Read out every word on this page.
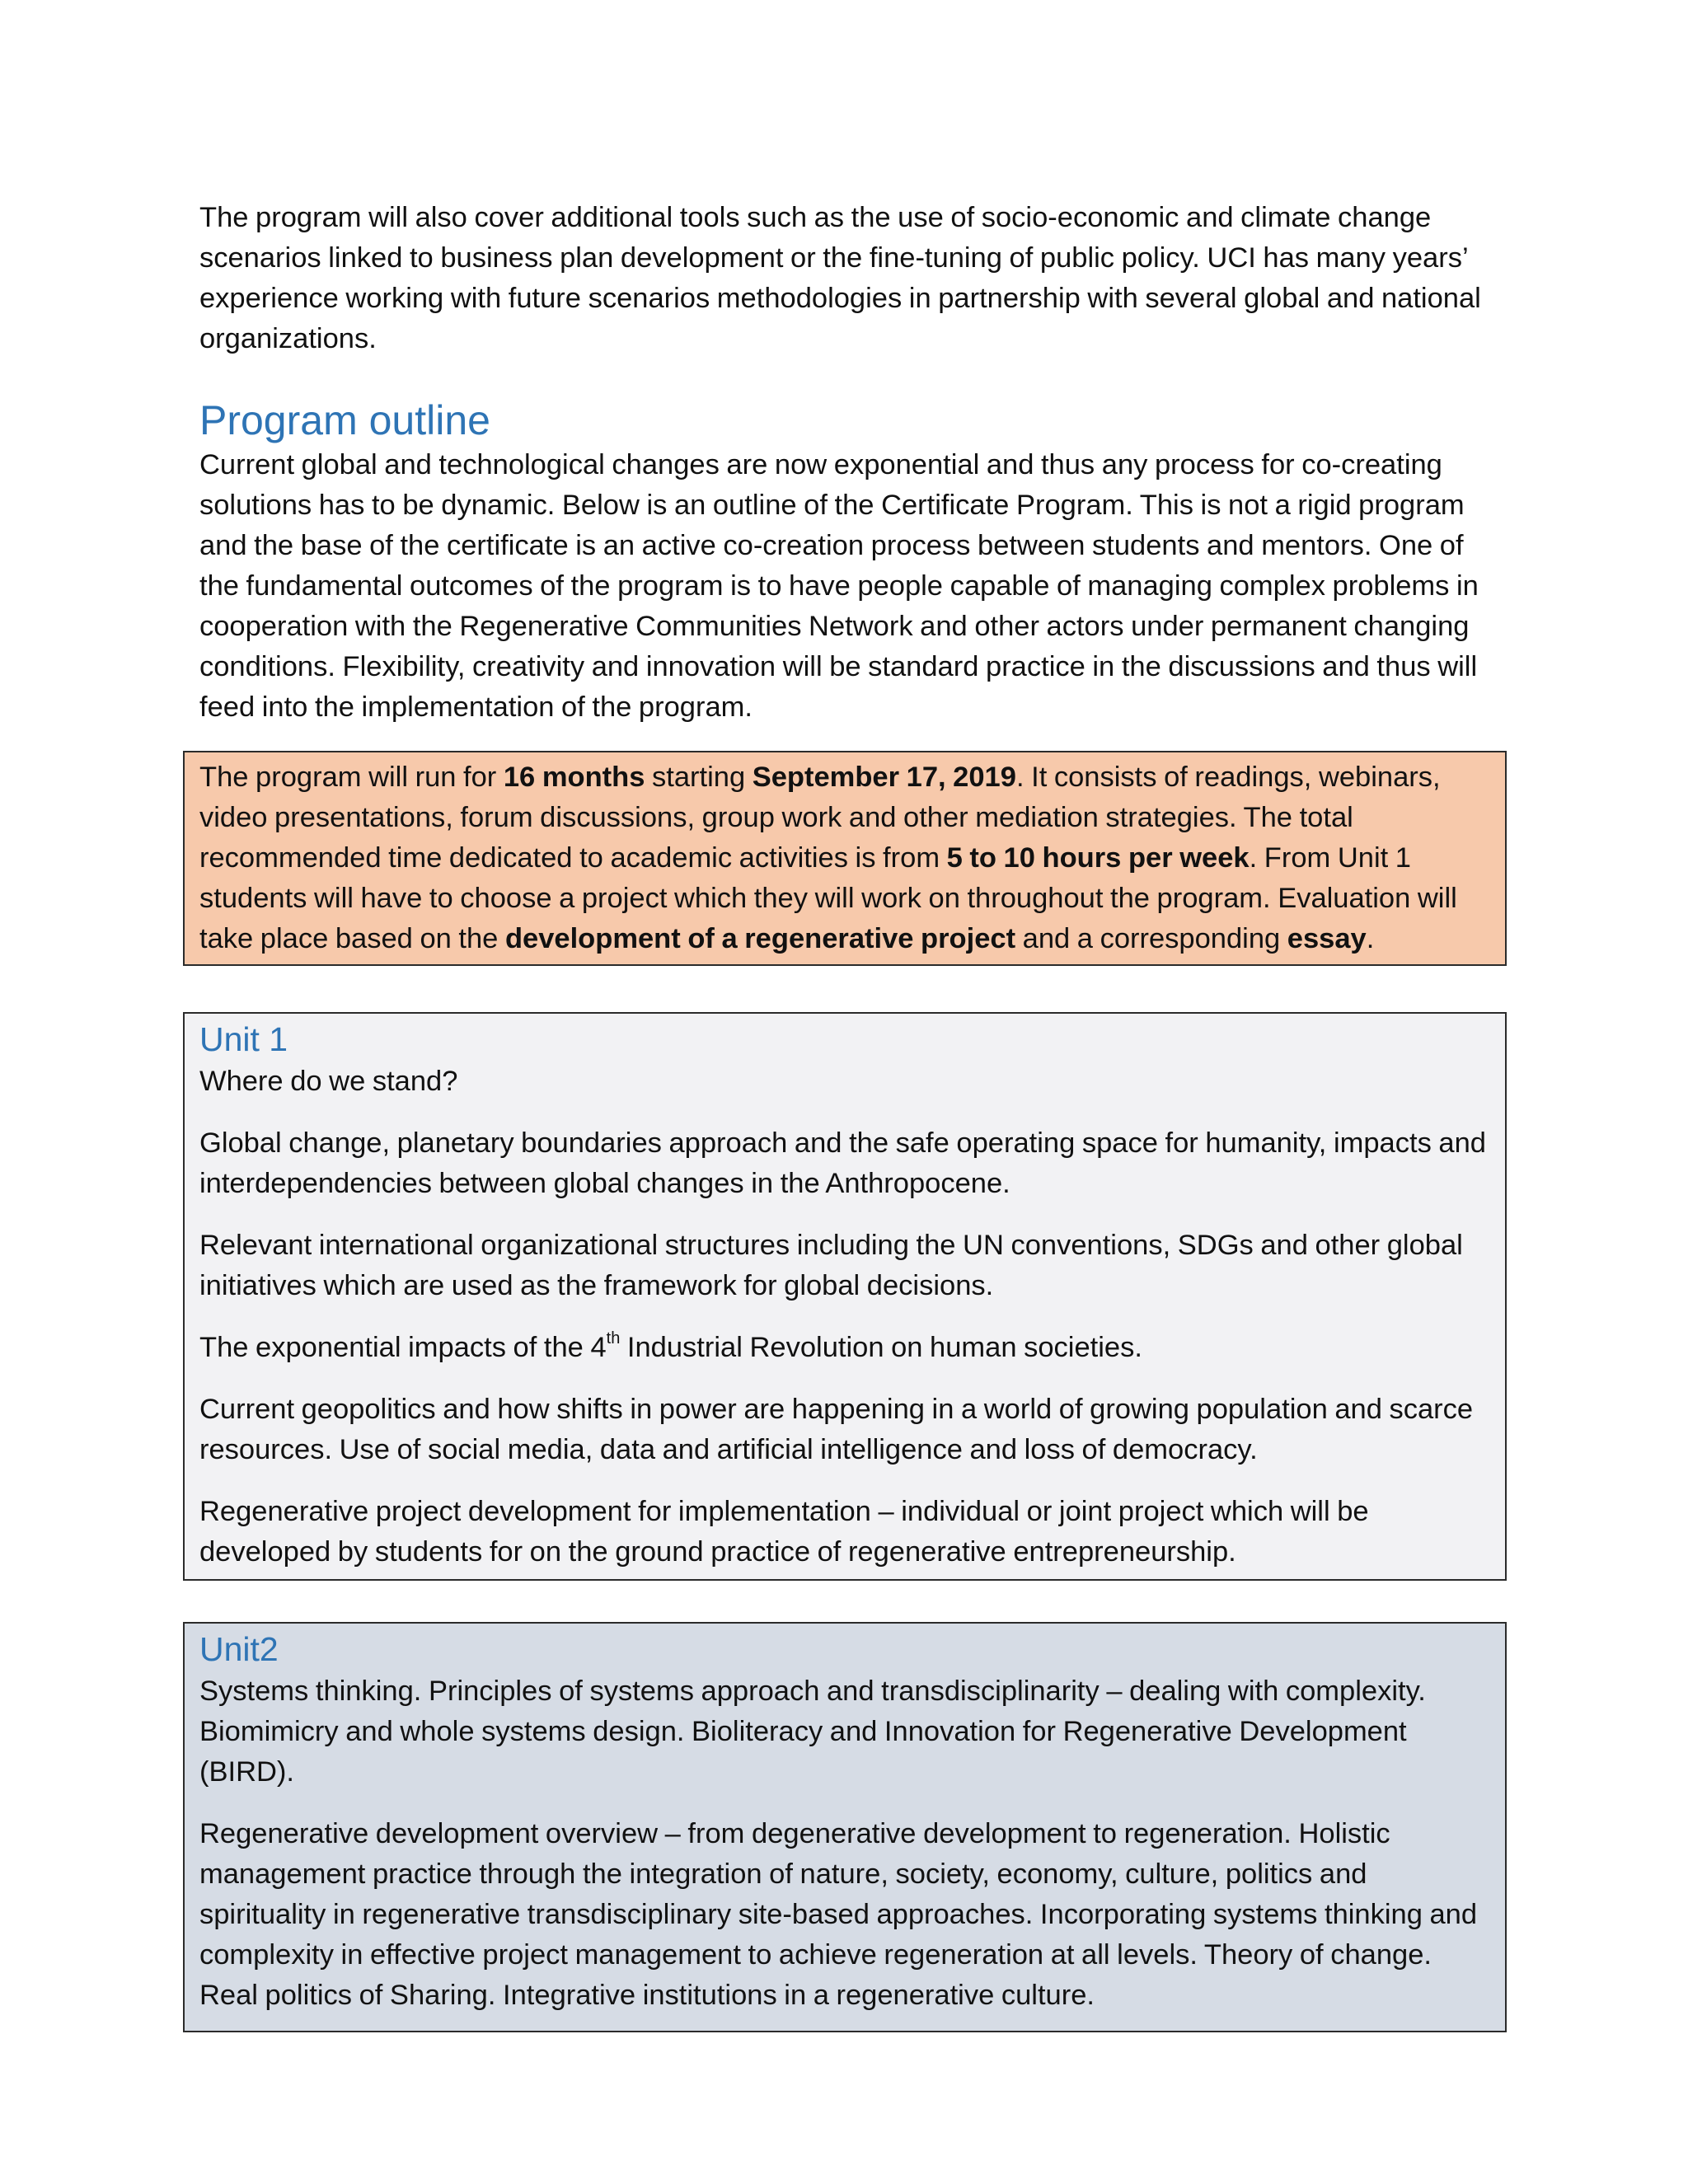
The program will also cover additional tools such as the use of socio-economic and climate change scenarios linked to business plan development or the fine-tuning of public policy. UCI has many years’ experience working with future scenarios methodologies in partnership with several global and national organizations.

Program outline

Current global and technological changes are now exponential and thus any process for co-creating solutions has to be dynamic. Below is an outline of the Certificate Program. This is not a rigid program and the base of the certificate is an active co-creation process between students and mentors. One of the fundamental outcomes of the program is to have people capable of managing complex problems in cooperation with the Regenerative Communities Network and other actors under permanent changing conditions. Flexibility, creativity and innovation will be standard practice in the discussions and thus will feed into the implementation of the program.

The program will run for 16 months starting September 17, 2019. It consists of readings, webinars, video presentations, forum discussions, group work and other mediation strategies. The total recommended time dedicated to academic activities is from 5 to 10 hours per week. From Unit 1 students will have to choose a project which they will work on throughout the program. Evaluation will take place based on the development of a regenerative project and a corresponding essay.

Unit 1

Where do we stand?

Global change, planetary boundaries approach and the safe operating space for humanity, impacts and interdependencies between global changes in the Anthropocene.

Relevant international organizational structures including the UN conventions, SDGs and other global initiatives which are used as the framework for global decisions.

The exponential impacts of the 4th Industrial Revolution on human societies.

Current geopolitics and how shifts in power are happening in a world of growing population and scarce resources. Use of social media, data and artificial intelligence and loss of democracy.

Regenerative project development for implementation – individual or joint project which will be developed by students for on the ground practice of regenerative entrepreneurship.

Unit2

Systems thinking. Principles of systems approach and transdisciplinarity – dealing with complexity. Biomimicry and whole systems design. Bioliteracy and Innovation for Regenerative Development (BIRD).

Regenerative development overview – from degenerative development to regeneration. Holistic management practice through the integration of nature, society, economy, culture, politics and spirituality in regenerative transdisciplinary site-based approaches. Incorporating systems thinking and complexity in effective project management to achieve regeneration at all levels. Theory of change. Real politics of Sharing. Integrative institutions in a regenerative culture.
